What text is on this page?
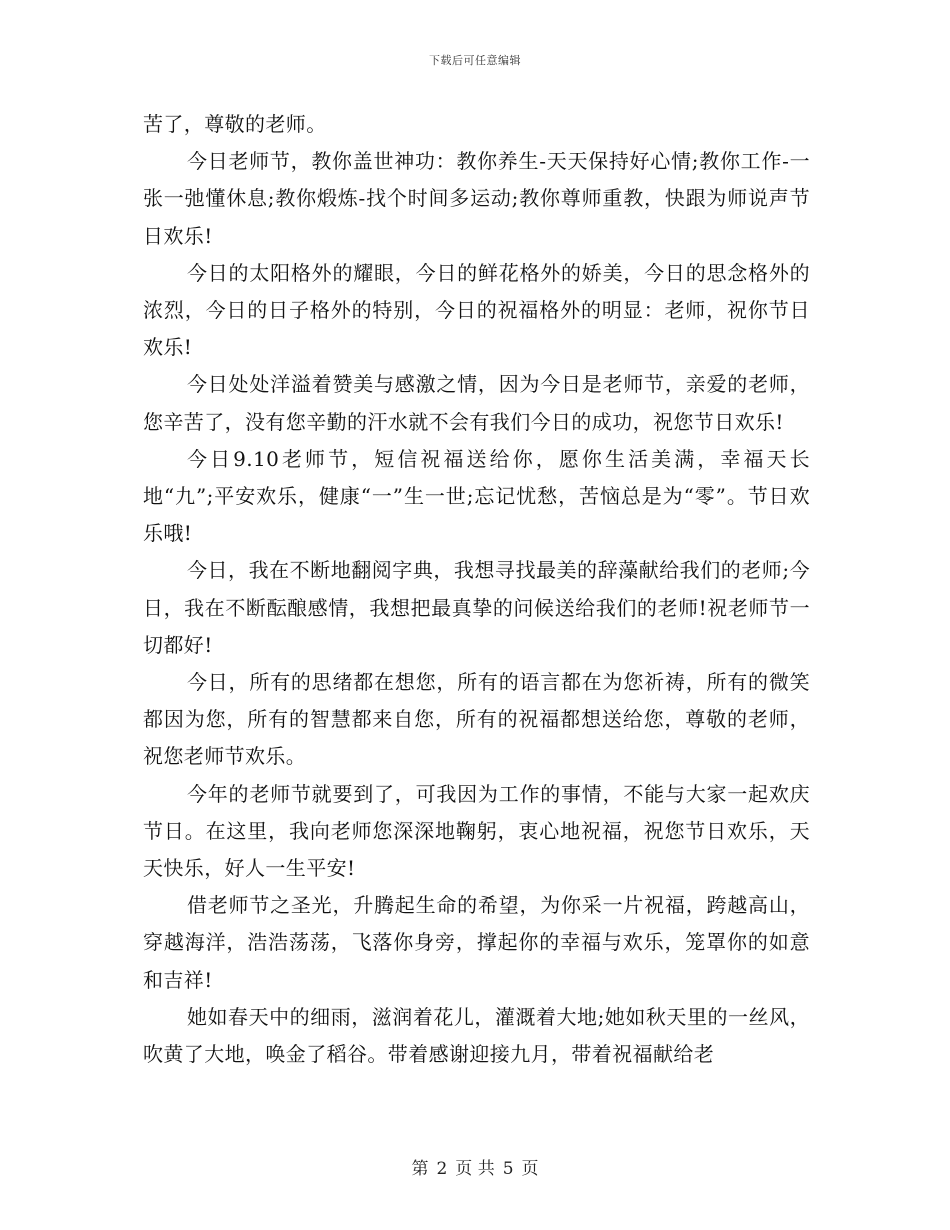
下载后可任意编辑

苦了，尊敬的老师。

今日老师节，教你盖世神功：教你养生-天天保持好心情;教你工作-一张一弛懂休息;教你煅炼-找个时间多运动;教你尊师重教，快跟为师说声节日欢乐!

今日的太阳格外的耀眼，今日的鲜花格外的娇美，今日的思念格外的浓烈，今日的日子格外的特别，今日的祝福格外的明显：老师，祝你节日欢乐!

今日处处洋溢着赞美与感激之情，因为今日是老师节，亲爱的老师，您辛苦了，没有您辛勤的汗水就不会有我们今日的成功，祝您节日欢乐!

今日9.10老师节，短信祝福送给你，愿你生活美满，幸福天长地“九”;平安欢乐，健康“一”生一世;忘记忧愁，苦恼总是为“零”。节日欢乐哦!

今日，我在不断地翻阅字典，我想寻找最美的辞藻献给我们的老师;今日，我在不断酝酿感情，我想把最真挚的问候送给我们的老师!祝老师节一切都好!

今日，所有的思绪都在想您，所有的语言都在为您祈祷，所有的微笑都因为您，所有的智慧都来自您，所有的祝福都想送给您，尊敬的老师，祝您老师节欢乐。

今年的老师节就要到了，可我因为工作的事情，不能与大家一起欢庆节日。在这里，我向老师您深深地鞠躬，衷心地祝福，祝您节日欢乐，天天快乐，好人一生平安!

借老师节之圣光，升腾起生命的希望，为你采一片祝福，跨越高山，穿越海洋，浩浩荡荡，飞落你身旁，撑起你的幸福与欢乐，笼罩你的如意和吉祥!

她如春天中的细雨，滋润着花儿，灌溉着大地;她如秋天里的一丝风，吹黄了大地，唤金了稻谷。带着感谢迎接九月，带着祝福献给老

第 2 页 共 5 页
